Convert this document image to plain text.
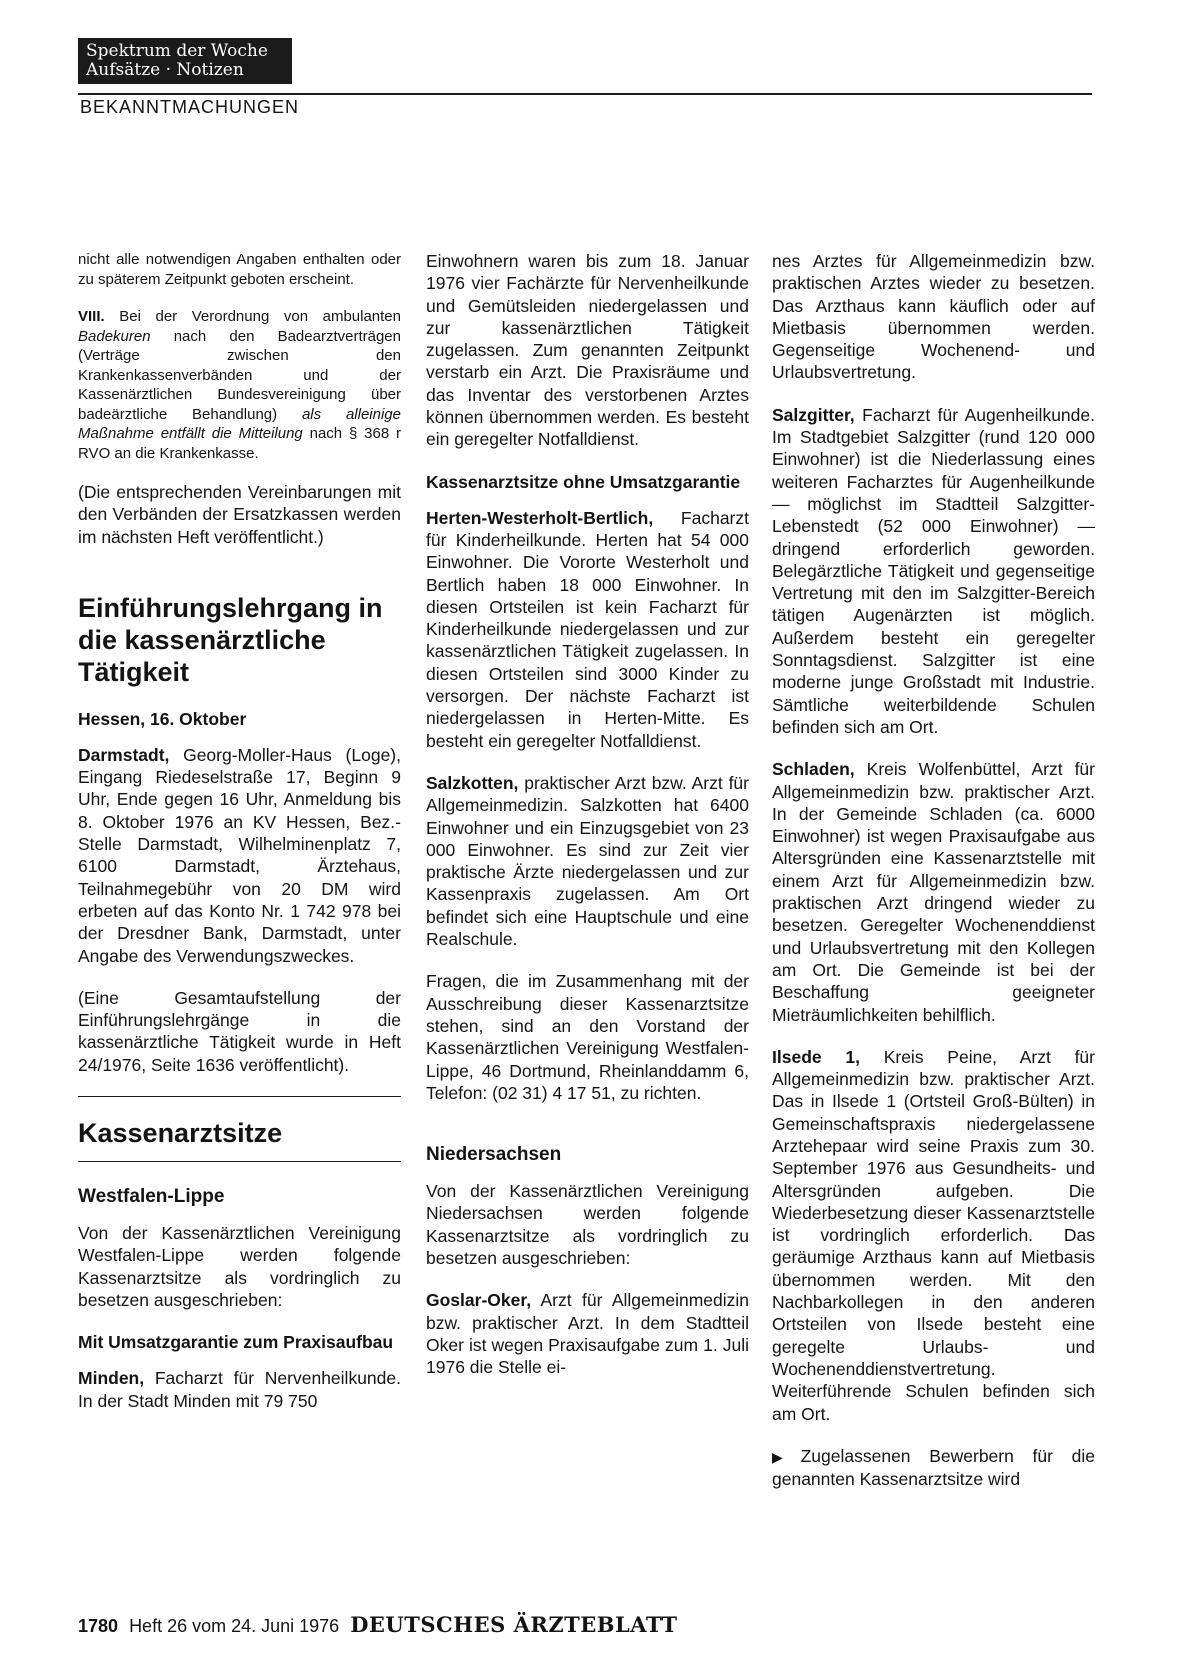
Spektrum der Woche
Aufsätze · Notizen
BEKANNTMACHUNGEN

nicht alle notwendigen Angaben enthalten oder zu späterem Zeitpunkt geboten erscheint.

VIII. Bei der Verordnung von ambulanten Badekuren nach den Badearztverträgen (Verträge zwischen den Krankenkassenverbänden und der Kassenärztlichen Bundesvereinigung über badeärztliche Behandlung) als alleinige Maßnahme entfällt die Mitteilung nach § 368 r RVO an die Krankenkasse.

(Die entsprechenden Vereinbarungen mit den Verbänden der Ersatzkassen werden im nächsten Heft veröffentlicht.)

Einführungslehrgang in die kassenärztliche Tätigkeit
Hessen, 16. Oktober

Darmstadt, Georg-Moller-Haus (Loge), Eingang Riedeselstraße 17, Beginn 9 Uhr, Ende gegen 16 Uhr, Anmeldung bis 8. Oktober 1976 an KV Hessen, Bez.-Stelle Darmstadt, Wilhelminenplatz 7, 6100 Darmstadt, Ärztehaus, Teilnahmegebühr von 20 DM wird erbeten auf das Konto Nr. 1 742 978 bei der Dresdner Bank, Darmstadt, unter Angabe des Verwendungszweckes.

(Eine Gesamtaufstellung der Einführungslehrgänge in die kassenärztliche Tätigkeit wurde in Heft 24/1976, Seite 1636 veröffentlicht).

Kassenarztsitze
Westfalen-Lippe

Von der Kassenärztlichen Vereinigung Westfalen-Lippe werden folgende Kassenarztsitze als vordringlich zu besetzen ausgeschrieben:

Mit Umsatzgarantie zum Praxisaufbau

Minden, Facharzt für Nervenheilkunde. In der Stadt Minden mit 79 750

Einwohnern waren bis zum 18. Januar 1976 vier Fachärzte für Nervenheilkunde und Gemütsleiden niedergelassen und zur kassenärztlichen Tätigkeit zugelassen. Zum genannten Zeitpunkt verstarb ein Arzt. Die Praxisräume und das Inventar des verstorbenen Arztes können übernommen werden. Es besteht ein geregelter Notfalldienst.

Kassenarztsitze ohne Umsatzgarantie

Herten-Westerholt-Bertlich, Facharzt für Kinderheilkunde. Herten hat 54 000 Einwohner. Die Vororte Westerholt und Bertlich haben 18 000 Einwohner. In diesen Ortsteilen ist kein Facharzt für Kinderheilkunde niedergelassen und zur kassenärztlichen Tätigkeit zugelassen. In diesen Ortsteilen sind 3000 Kinder zu versorgen. Der nächste Facharzt ist niedergelassen in Herten-Mitte. Es besteht ein geregelter Notfalldienst.

Salzkotten, praktischer Arzt bzw. Arzt für Allgemeinmedizin. Salzkotten hat 6400 Einwohner und ein Einzugsgebiet von 23 000 Einwohner. Es sind zur Zeit vier praktische Ärzte niedergelassen und zur Kassenpraxis zugelassen. Am Ort befindet sich eine Hauptschule und eine Realschule.

Fragen, die im Zusammenhang mit der Ausschreibung dieser Kassenarztsitze stehen, sind an den Vorstand der Kassenärztlichen Vereinigung Westfalen-Lippe, 46 Dortmund, Rheinlanddamm 6, Telefon: (02 31) 4 17 51, zu richten.

Niedersachsen

Von der Kassenärztlichen Vereinigung Niedersachsen werden folgende Kassenarztsitze als vordringlich zu besetzen ausgeschrieben:

Goslar-Oker, Arzt für Allgemeinmedizin bzw. praktischer Arzt. In dem Stadtteil Oker ist wegen Praxisaufgabe zum 1. Juli 1976 die Stelle ei-

nes Arztes für Allgemeinmedizin bzw. praktischen Arztes wieder zu besetzen. Das Arzthaus kann käuflich oder auf Mietbasis übernommen werden. Gegenseitige Wochenend- und Urlaubsvertretung.

Salzgitter, Facharzt für Augenheilkunde. Im Stadtgebiet Salzgitter (rund 120 000 Einwohner) ist die Niederlassung eines weiteren Facharztes für Augenheilkunde — möglichst im Stadtteil Salzgitter-Lebenstedt (52 000 Einwohner) — dringend erforderlich geworden. Belegärztliche Tätigkeit und gegenseitige Vertretung mit den im Salzgitter-Bereich tätigen Augenärzten ist möglich. Außerdem besteht ein geregelter Sonntagsdienst. Salzgitter ist eine moderne junge Großstadt mit Industrie. Sämtliche weiterbildende Schulen befinden sich am Ort.

Schladen, Kreis Wolfenbüttel, Arzt für Allgemeinmedizin bzw. praktischer Arzt. In der Gemeinde Schladen (ca. 6000 Einwohner) ist wegen Praxisaufgabe aus Altersgründen eine Kassenarztstelle mit einem Arzt für Allgemeinmedizin bzw. praktischen Arzt dringend wieder zu besetzen. Geregelter Wochenenddienst und Urlaubsvertretung mit den Kollegen am Ort. Die Gemeinde ist bei der Beschaffung geeigneter Mieträumlichkeiten behilflich.

Ilsede 1, Kreis Peine, Arzt für Allgemeinmedizin bzw. praktischer Arzt. Das in Ilsede 1 (Ortsteil Groß-Bülten) in Gemeinschaftspraxis niedergelassene Arztehepaar wird seine Praxis zum 30. September 1976 aus Gesundheits- und Altersgründen aufgeben. Die Wiederbesetzung dieser Kassenarztstelle ist vordringlich erforderlich. Das geräumige Arzthaus kann auf Mietbasis übernommen werden. Mit den Nachbarkollegen in den anderen Ortsteilen von Ilsede besteht eine geregelte Urlaubs- und Wochenenddienstvertretung. Weiterführende Schulen befinden sich am Ort.

▶ Zugelassenen Bewerbern für die genannten Kassenarztsitze wird

1780 Heft 26 vom 24. Juni 1976 DEUTSCHES ÄRZTEBLATT
